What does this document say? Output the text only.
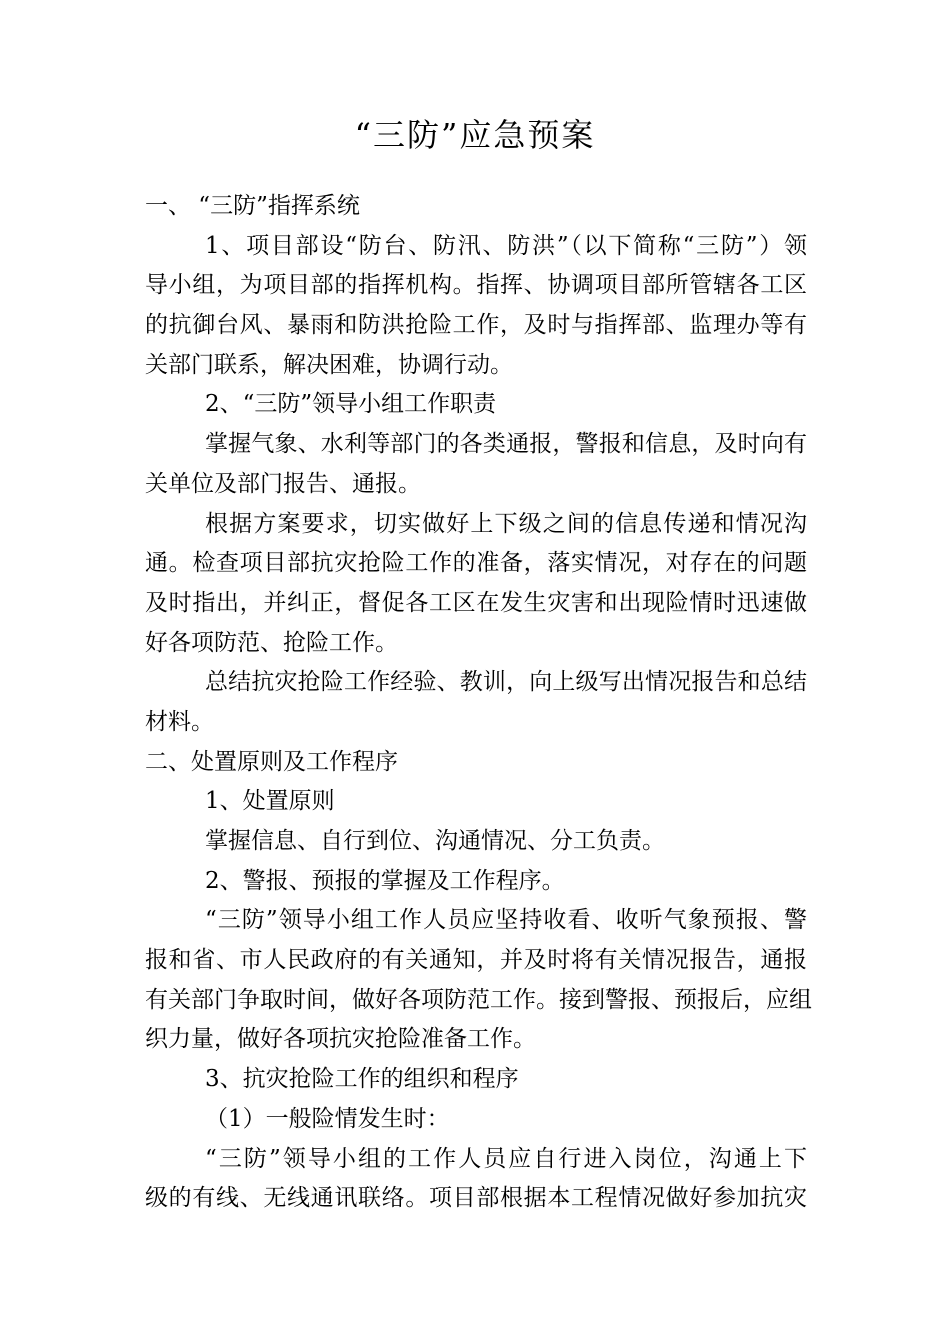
“三防”应急预案
一、 “三防”指挥系统
1、项目部设“防台、防汛、防洪”（以下简称“三防”）领
导小组，为项目部的指挥机构。指挥、协调项目部所管辖各工区
的抗御台风、暴雨和防洪抢险工作，及时与指挥部、监理办等有
关部门联系，解决困难，协调行动。
2、“三防”领导小组工作职责
掌握气象、水利等部门的各类通报，警报和信息，及时向有
关单位及部门报告、通报。
根据方案要求，切实做好上下级之间的信息传递和情况沟
通。检查项目部抗灾抢险工作的准备，落实情况，对存在的问题
及时指出，并纠正，督促各工区在发生灾害和出现险情时迅速做
好各项防范、抢险工作。
总结抗灾抢险工作经验、教训，向上级写出情况报告和总结
材料。
二、处置原则及工作程序
1、处置原则
掌握信息、自行到位、沟通情况、分工负责。
2、警报、预报的掌握及工作程序。
“三防”领导小组工作人员应坚持收看、收听气象预报、警
报和省、市人民政府的有关通知，并及时将有关情况报告，通报
有关部门争取时间，做好各项防范工作。接到警报、预报后，应组
织力量，做好各项抗灾抢险准备工作。
3、抗灾抢险工作的组织和程序
（1）一般险情发生时：
“三防”领导小组的工作人员应自行进入岗位，沟通上下
级的有线、无线通讯联络。项目部根据本工程情况做好参加抗灾
